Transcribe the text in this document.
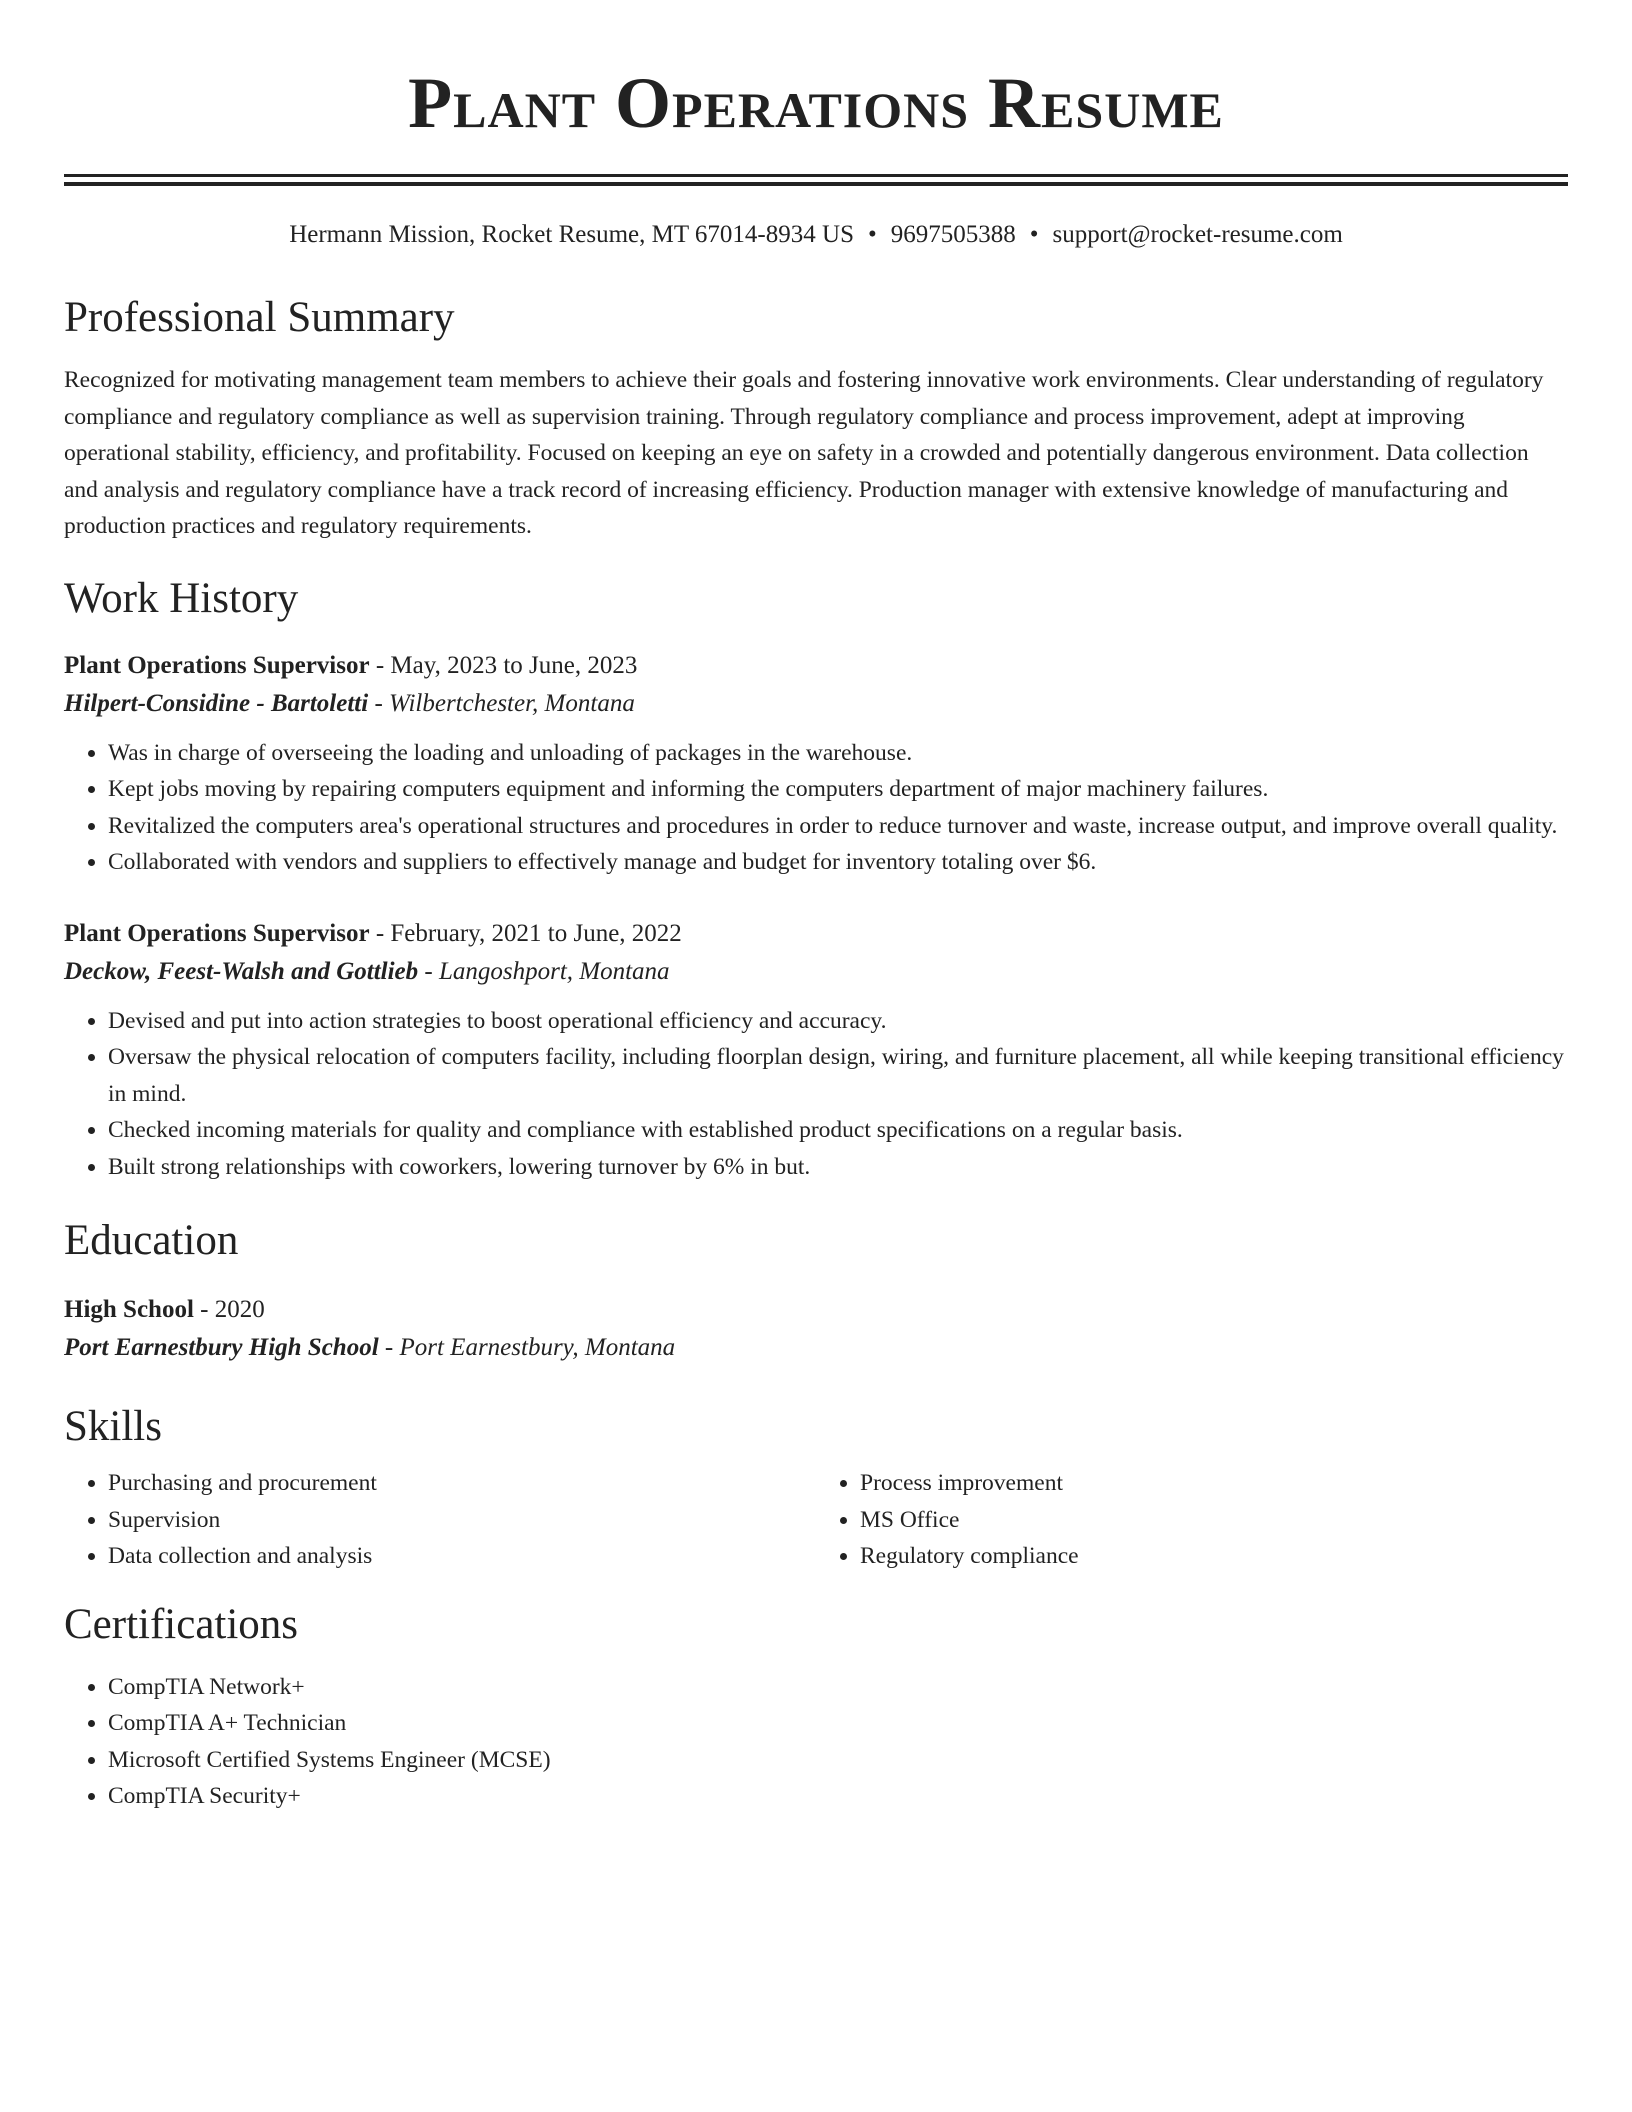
Plant Operations Resume
Hermann Mission, Rocket Resume, MT 67014-8934 US • 9697505388 • support@rocket-resume.com
Professional Summary
Recognized for motivating management team members to achieve their goals and fostering innovative work environments. Clear understanding of regulatory compliance and regulatory compliance as well as supervision training. Through regulatory compliance and process improvement, adept at improving operational stability, efficiency, and profitability. Focused on keeping an eye on safety in a crowded and potentially dangerous environment. Data collection and analysis and regulatory compliance have a track record of increasing efficiency. Production manager with extensive knowledge of manufacturing and production practices and regulatory requirements.
Work History
Plant Operations Supervisor - May, 2023 to June, 2023
Hilpert-Considine - Bartoletti - Wilbertchester, Montana
• Was in charge of overseeing the loading and unloading of packages in the warehouse.
• Kept jobs moving by repairing computers equipment and informing the computers department of major machinery failures.
• Revitalized the computers area's operational structures and procedures in order to reduce turnover and waste, increase output, and improve overall quality.
• Collaborated with vendors and suppliers to effectively manage and budget for inventory totaling over $6.
Plant Operations Supervisor - February, 2021 to June, 2022
Deckow, Feest-Walsh and Gottlieb - Langoshport, Montana
• Devised and put into action strategies to boost operational efficiency and accuracy.
• Oversaw the physical relocation of computers facility, including floorplan design, wiring, and furniture placement, all while keeping transitional efficiency in mind.
• Checked incoming materials for quality and compliance with established product specifications on a regular basis.
• Built strong relationships with coworkers, lowering turnover by 6% in but.
Education
High School - 2020
Port Earnestbury High School - Port Earnestbury, Montana
Skills
• Purchasing and procurement
• Supervision
• Data collection and analysis
• Process improvement
• MS Office
• Regulatory compliance
Certifications
• CompTIA Network+
• CompTIA A+ Technician
• Microsoft Certified Systems Engineer (MCSE)
• CompTIA Security+
